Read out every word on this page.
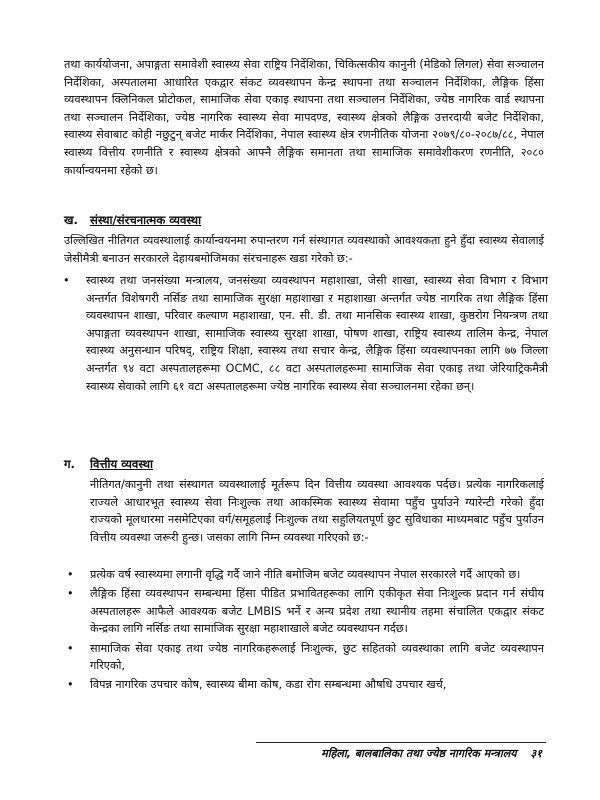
तथा कार्ययोजना, अपाङ्गता समावेशी स्वास्थ्य सेवा राष्ट्रिय निर्देशिका, चिकित्सकीय कानुनी (मेडिको लिगल) सेवा सञ्चालन निर्देशिका, अस्पतालमा आधारित एकद्वार संकट व्यवस्थापन केन्द्र स्थापना तथा सञ्चालन निर्देशिका, लैङ्गिक हिंसा व्यवस्थापन क्लिनिकल प्रोटोकल, सामाजिक सेवा एकाइ स्थापना तथा सञ्चालन निर्देशिका, ज्येष्ठ नागरिक वार्ड स्थापना तथा सञ्चालन निर्देशिका, ज्येष्ठ नागरिक स्वास्थ्य सेवा मापदण्ड, स्वास्थ्य क्षेत्रको लैङ्गिक उत्तरदायी बजेट निर्देशिका, स्वास्थ्य सेवाबाट कोही नछुटुन् बजेट मार्कर निर्देशिका, नेपाल स्वास्थ्य क्षेत्र रणनीतिक योजना २०७९/८०-२०८७/८८, नेपाल स्वास्थ्य वित्तीय रणनीति र स्वास्थ्य क्षेत्रको आफ्नै लैङ्गिक समानता तथा सामाजिक समावेशीकरण रणनीति, २०८० कार्यान्वयनमा रहेको छ।

ख. संस्था/संरचनात्मक व्यवस्था

उल्लिखित नीतिगत व्यवस्थालाई कार्यान्वयनमा रुपान्तरण गर्न संस्थागत व्यवस्थाको आवश्यकता हुने हुँदा स्वास्थ्य सेवालाई जेसीमैत्री बनाउन सरकारले देहायबमोजिमका संरचनाहरू खडा गरेको छ:-

• स्वास्थ्य तथा जनसंख्या मन्त्रालय, जनसंख्या व्यवस्थापन महाशाखा, जेसी शाखा, स्वास्थ्य सेवा विभाग र विभाग अन्तर्गत विशेषगरी नर्सिङ तथा सामाजिक सुरक्षा महाशाखा र महाशाखा अन्तर्गत ज्येष्ठ नागरिक तथा लैङ्गिक हिंसा व्यवस्थापन शाखा, परिवार कल्याण महाशाखा, एन. सी. डी. तथा मानसिक स्वास्थ्य शाखा, कुष्ठरोग नियन्त्रण तथा अपाङ्गता व्यवस्थापन शाखा, सामाजिक स्वास्थ्य सुरक्षा शाखा, पोषण शाखा, राष्ट्रिय स्वास्थ्य तालिम केन्द्र, नेपाल स्वास्थ्य अनुसन्धान परिषद्, राष्ट्रिय शिक्षा, स्वास्थ्य तथा सचार केन्द्र, लैङ्गिक हिंसा व्यवस्थापनका लागि ७७ जिल्ला अन्तर्गत ९४ वटा अस्पतालहरूमा OCMC, ८८ वटा अस्पतालहरूमा सामाजिक सेवा एकाइ तथा जेरियाट्रिकमैत्री स्वास्थ्य सेवाको लागि ६१ वटा अस्पतालहरूमा ज्येष्ठ नागरिक स्वास्थ्य सेवा सञ्चालनमा रहेका छन्।
ग. वित्तीय व्यवस्था

नीतिगत/कानुनी तथा संस्थागत व्यवस्थालाई मूर्तरूप दिन वित्तीय व्यवस्था आवश्यक पर्दछ। प्रत्येक नागरिकलाई राज्यले आधारभूत स्वास्थ्य सेवा निःशुल्क तथा आकस्मिक स्वास्थ्य सेवामा पहुँच पुर्याउने ग्यारेन्टी गरेको हुँदा राज्यको मूलधारमा नसमेटिएका वर्ग/समूहलाई निःशुल्क तथा सहुलियतपूर्ण छुट सुविधाका माध्यमबाट पहुँच पुर्याउन वित्तीय व्यवस्था जरूरी हुन्छ। जसका लागि निम्न व्यवस्था गरिएको छ:-

• प्रत्येक वर्ष स्वास्थ्यमा लगानी वृद्धि गर्दै जाने नीति बमोजिम बजेट व्यवस्थापन नेपाल सरकारले गर्दै आएको छ।
• लैङ्गिक हिंसा व्यवस्थापन सम्बन्धमा हिंसा पीडित प्रभावितहरूका लागि एकीकृत सेवा निःशुल्क प्रदान गर्न संघीय अस्पतालहरू आफैले आवश्यक बजेट LMBIS भर्ने र अन्य प्रदेश तथा स्थानीय तहमा संचालित एकद्वार संकट केन्द्रका लागि नर्सिङ तथा सामाजिक सुरक्षा महाशाखाले बजेट व्यवस्थापन गर्दछ।
• सामाजिक सेवा एकाइ तथा ज्येष्ठ नागरिकहरूलाई निःशुल्क, छुट सहितको व्यवस्थाका लागि बजेट व्यवस्थापन गरिएको,
• विपन्न नागरिक उपचार कोष, स्वास्थ्य बीमा कोष, कडा रोग सम्बन्धमा औषधि उपचार खर्च,
महिला, बालबालिका तथा ज्येष्ठ नागरिक मन्त्रालय ३१
